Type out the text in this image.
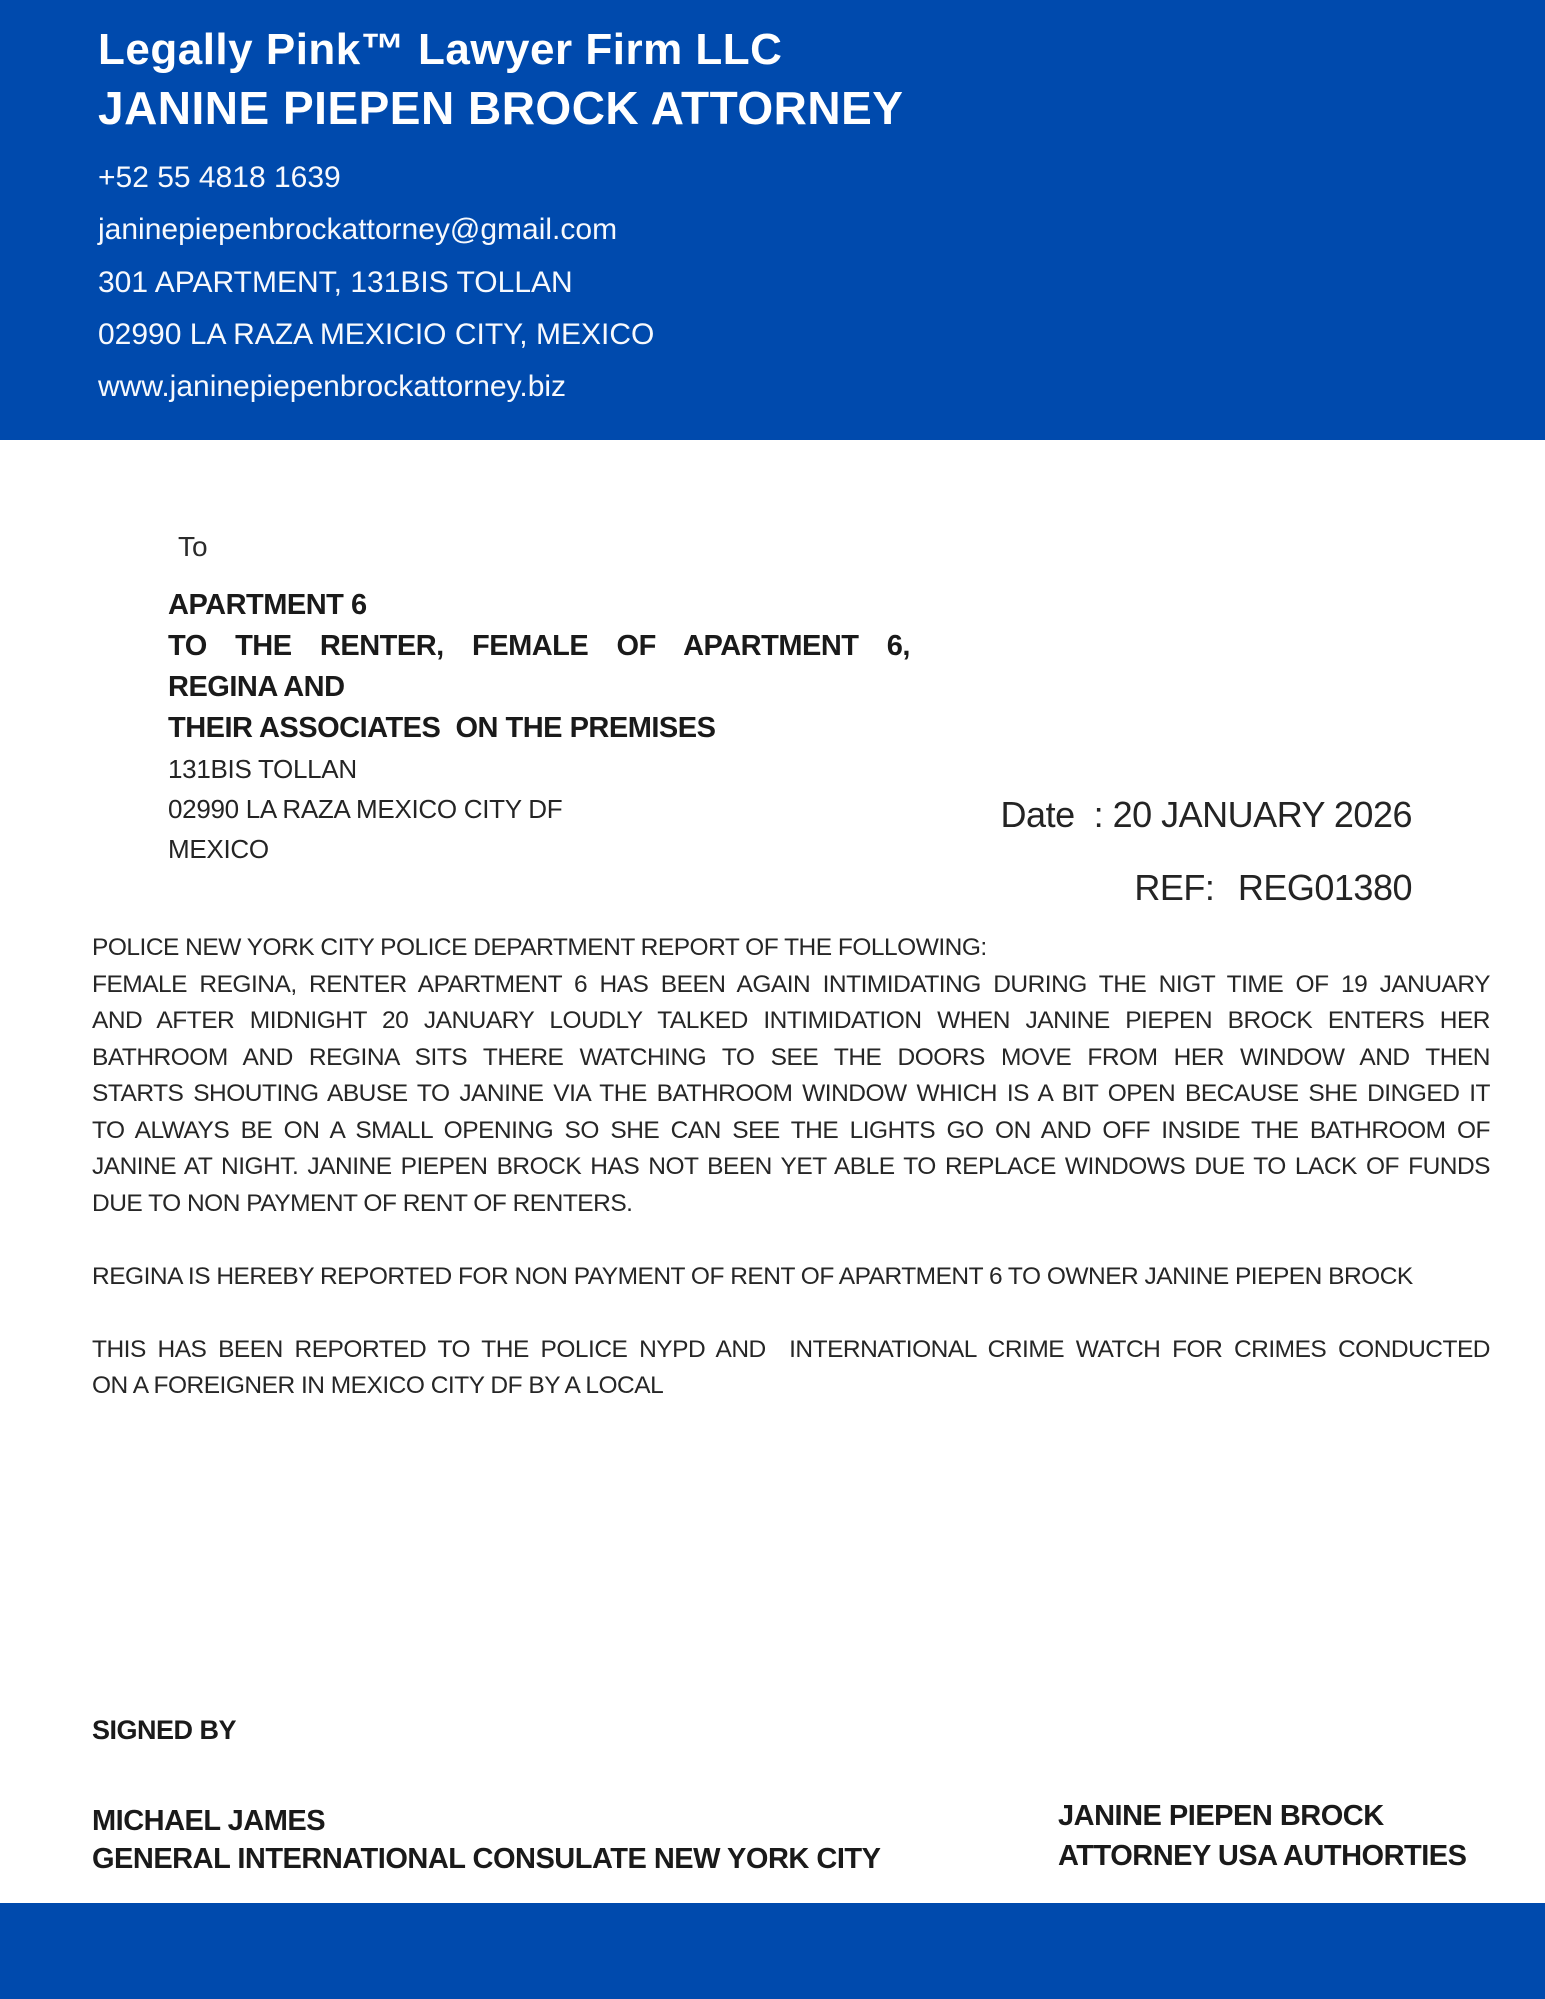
Legally Pink™ Lawyer Firm LLC
JANINE PIEPEN BROCK ATTORNEY
+52 55 4818 1639
janinepiepenbrockattorney@gmail.com
301 APARTMENT, 131BIS TOLLAN
02990 LA RAZA MEXICIO CITY, MEXICO
www.janinepiepenbrockattorney.biz
To
APARTMENT 6
TO THE RENTER, FEMALE OF APARTMENT 6,
REGINA AND
THEIR ASSOCIATES  ON THE PREMISES
131BIS TOLLAN
02990 LA RAZA MEXICO CITY DF
MEXICO
Date  : 20 JANUARY 2026
REF: REG01380
POLICE NEW YORK CITY POLICE DEPARTMENT REPORT OF THE FOLLOWING:
FEMALE REGINA, RENTER APARTMENT 6 HAS BEEN AGAIN INTIMIDATING DURING THE NIGT TIME OF 19 JANUARY
AND AFTER MIDNIGHT 20 JANUARY LOUDLY TALKED INTIMIDATION WHEN JANINE PIEPEN BROCK ENTERS HER
BATHROOM AND REGINA SITS THERE WATCHING TO SEE THE DOORS MOVE FROM HER WINDOW AND THEN
STARTS SHOUTING ABUSE TO JANINE VIA THE BATHROOM WINDOW WHICH IS A BIT OPEN BECAUSE SHE DINGED IT
TO ALWAYS BE ON A SMALL OPENING SO SHE CAN SEE THE LIGHTS GO ON AND OFF INSIDE THE BATHROOM OF
JANINE AT NIGHT. JANINE PIEPEN BROCK HAS NOT BEEN YET ABLE TO REPLACE WINDOWS DUE TO LACK OF FUNDS
DUE TO NON PAYMENT OF RENT OF RENTERS.
REGINA IS HEREBY REPORTED FOR NON PAYMENT OF RENT OF APARTMENT 6 TO OWNER JANINE PIEPEN BROCK
THIS HAS BEEN REPORTED TO THE POLICE NYPD AND  INTERNATIONAL CRIME WATCH FOR CRIMES CONDUCTED
ON A FOREIGNER IN MEXICO CITY DF BY A LOCAL
SIGNED BY
MICHAEL JAMES
GENERAL INTERNATIONAL CONSULATE NEW YORK CITY
JANINE PIEPEN BROCK
ATTORNEY USA AUTHORTIES
